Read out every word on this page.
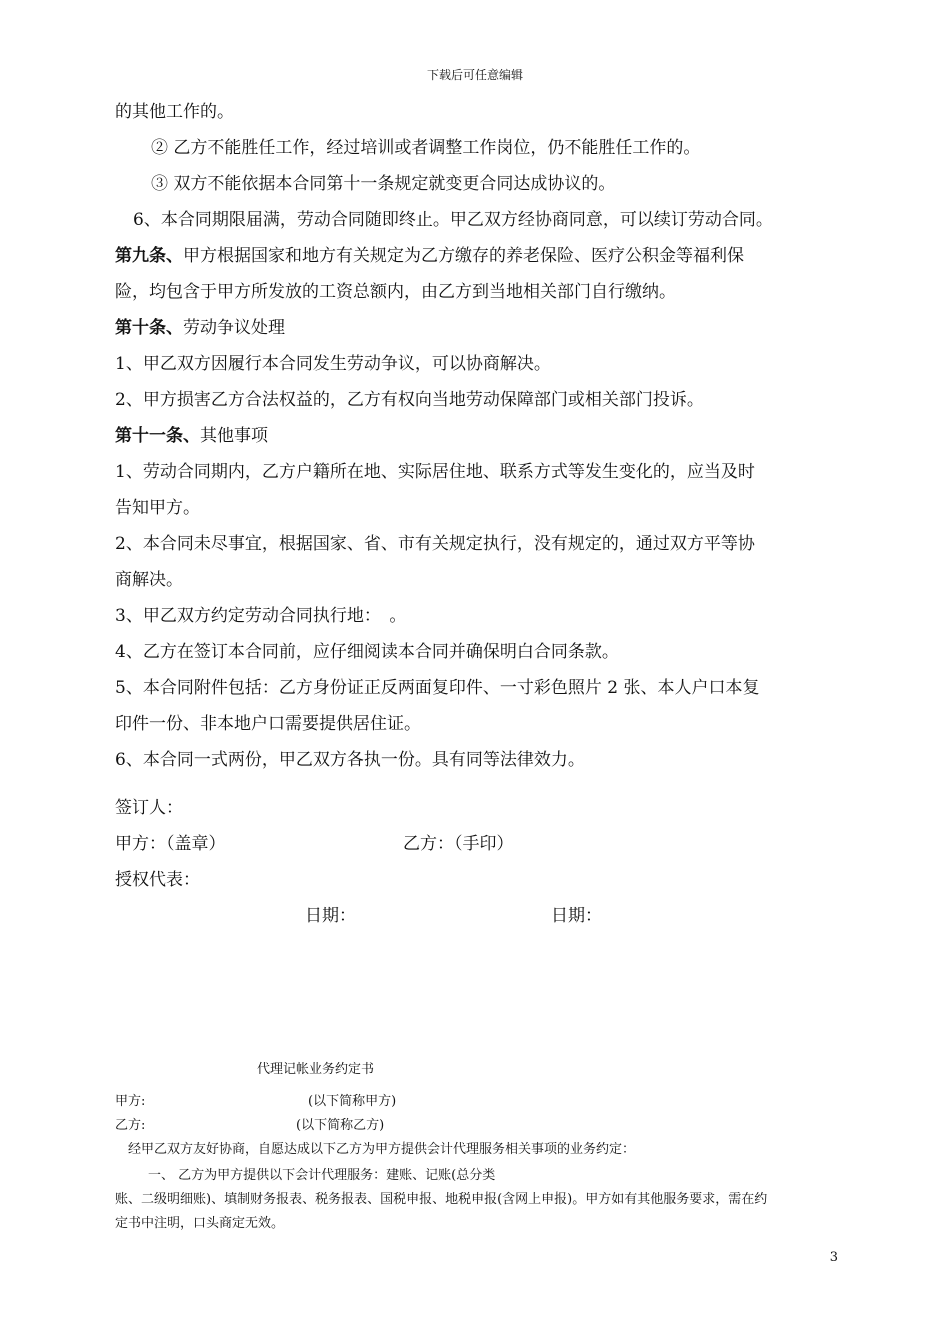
下载后可任意编辑
的其他工作的。
② 乙方不能胜任工作，经过培训或者调整工作岗位，仍不能胜任工作的。
③ 双方不能依据本合同第十一条规定就变更合同达成协议的。
6、本合同期限届满，劳动合同随即终止。甲乙双方经协商同意，可以续订劳动合同。
第九条、甲方根据国家和地方有关规定为乙方缴存的养老保险、医疗公积金等福利保
险，均包含于甲方所发放的工资总额内，由乙方到当地相关部门自行缴纳。
第十条、劳动争议处理
1、甲乙双方因履行本合同发生劳动争议，可以协商解决。
2、甲方损害乙方合法权益的，乙方有权向当地劳动保障部门或相关部门投诉。
第十一条、其他事项
1、劳动合同期内，乙方户籍所在地、实际居住地、联系方式等发生变化的，应当及时
告知甲方。
2、本合同未尽事宜，根据国家、省、市有关规定执行，没有规定的，通过双方平等协
商解决。
3、甲乙双方约定劳动合同执行地：　。
4、乙方在签订本合同前，应仔细阅读本合同并确保明白合同条款。
5、本合同附件包括：乙方身份证正反两面复印件、一寸彩色照片 2 张、本人户口本复
印件一份、非本地户口需要提供居住证。
6、本合同一式两份，甲乙双方各执一份。具有同等法律效力。
签订人：
甲方：（盖章）	乙方：（手印）
授权代表：
日期：	日期：
代理记帐业务约定书
甲方:	(以下简称甲方)
乙方:	(以下简称乙方)
经甲乙双方友好协商，自愿达成以下乙方为甲方提供会计代理服务相关事项的业务约定：
一、 乙方为甲方提供以下会计代理服务：建账、记账(总分类
账、二级明细账)、填制财务报表、税务报表、国税申报、地税申报(含网上申报)。甲方如有其他服务要求，需在约
定书中注明，口头商定无效。
3
